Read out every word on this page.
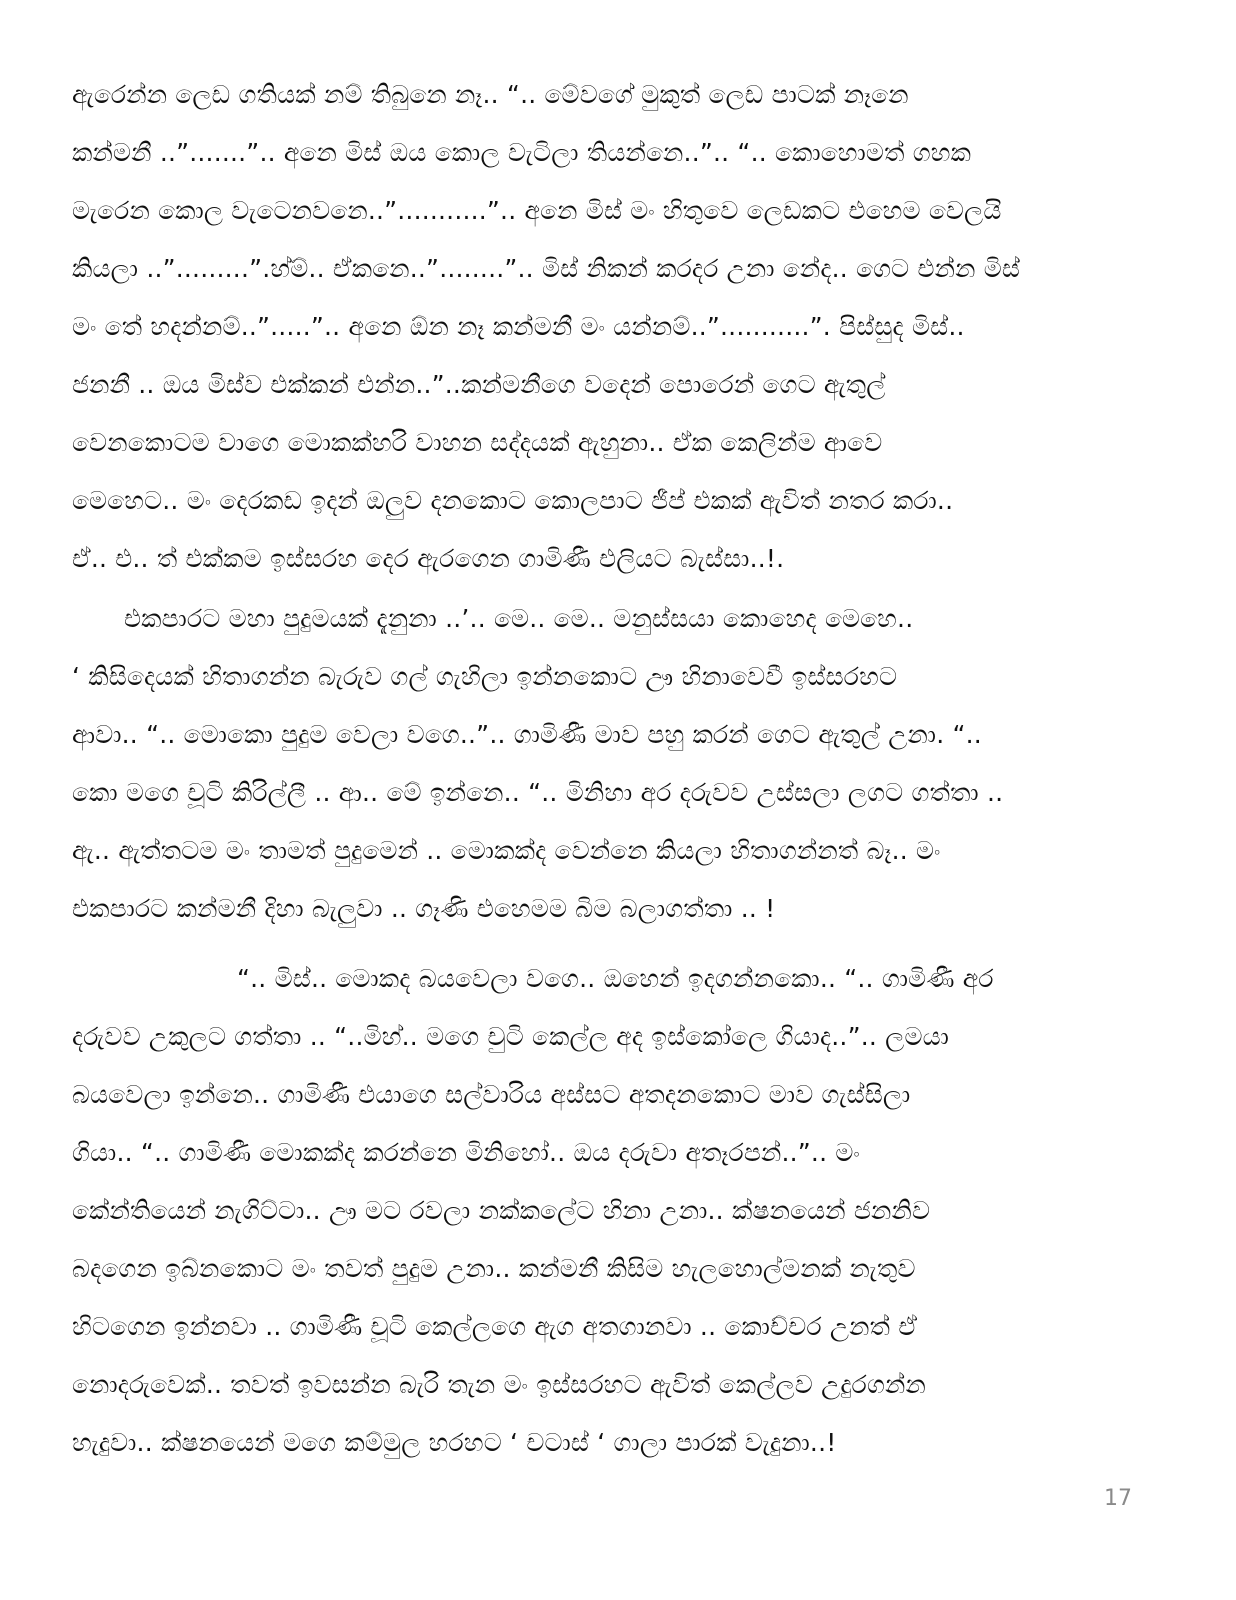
ඇරෙන්න ලෙඩ ගතියක් නම් තිබුනෙ නෑ.. “.. මේවගේ මුකුත් ලෙඩ පාටක් නෑනෙ
කන්මනී ..”.......”.. අනෙ මිස් ඔය කොල වැටිලා තියන්නෙ..”.. “.. කොහොමත් ගහක
මැරෙන කොල වැටෙනවනෙ..”...........”.. අනෙ මිස් මං හිතුවෙ ලෙඩකට එහෙම වෙලයි
කියලා ..”.........”.හ්ම්.. ඒකනෙ..”........”.. මිස් නිකන් කරදර උනා නේද.. ගෙට එන්න මිස්
මං තේ හදන්නම්..”.....”.. අනෙ ඕන නෑ කන්මනී මං යන්නම්..”...........”. පිස්සුද මිස්..
ජනනී .. ඔය මිස්ව එක්කන් එන්න..”..කන්මනීගෙ වදෙන් පොරෙන් ගෙට ඇතුල්
වෙනකොටම වාගෙ මොකක්හරි වාහන සද්දයක් ඇහුනා.. ඒක කෙලින්ම ආවෙ
මෙහෙට.. මං දෙරකඩ ඉදන් ඔලුව දනකොට කොලපාට ජීප් එකක් ඇවිත් නතර කරා..
ඒ.. එ.. ත් එක්කම ඉස්සරහ දෙර ඇරගෙන ගාමිණී එලියට බැස්සා..!.
එකපාරට මහා පුදුමයක් දැනුනා ..’.. මෙ.. මෙ.. මනුස්සයා කොහෙද මෙහෙ..
‘ කිසිදෙයක් හිතාගන්න බැරුව ගල් ගැහිලා ඉන්නකොට ඌ හිනාවෙවී ඉස්සරහට
ආවා.. “.. මොකො පුදුම වෙලා වගෙ..”.. ගාමිණී මාව පහු කරන් ගෙට ඇතුල් උනා. “..
කො මගෙ චූටි කිරිල්ලී .. ආ.. මේ ඉන්නෙ.. “.. මිනිහා අර දරුවව උස්සලා ලගට ගත්තා ..
ඇ.. ඇත්තටම මං තාමත් පුදුමෙන් .. මොකක්ද වෙන්නෙ කියලා හිතාගන්නත් බෑ.. මං
එකපාරට කන්මනී දිහා බැලුවා .. ගෑණි එහෙමම බිම බලාගත්තා .. !
“.. මිස්.. මොකද බයවෙලා වගෙ.. ඔහෙන් ඉදගන්නකො.. “.. ගාමිණී අර
දරුවව උකුලට ගත්තා .. “..මිහ්.. මගෙ චුටි කෙල්ල අද ඉස්කෝලෙ ගියාද..”.. ලමයා
බයවෙලා ඉන්නෙ.. ගාමිණී එයාගෙ සල්වාරිය අස්සට අතදනකොට මාව ගැස්සිලා
ගියා.. “.. ගාමිණී මොකක්ද කරන්නෙ මිනිහෝ.. ඔය දරුවා අතෑරපන්..”.. මං
කේන්තියෙන් නැගිට්ටා.. ඌ මට රවලා නක්කලේට හිනා උනා.. ක්ෂනයෙන් ජනනිව
බදගෙන ඉබ්නකොට මං තවත් පුදුම උනා.. කන්මනී කිසිම හැලහොල්මනක් නැතුව
හිටගෙන ඉන්නවා .. ගාමිණී චූටි කෙල්ලගෙ ඇග අතගානවා .. කොච්චර උනත් ඒ
නොදරුවෙක්.. තවත් ඉවසන්න බැරි තැන මං ඉස්සරහට ඇවිත් කෙල්ලව උදුරගන්න
හැදුවා.. ක්ෂනයෙන් මගෙ කම්මුල හරහට ‘ චටාස් ‘ ගාලා පාරක් වැදුනා..!
17
